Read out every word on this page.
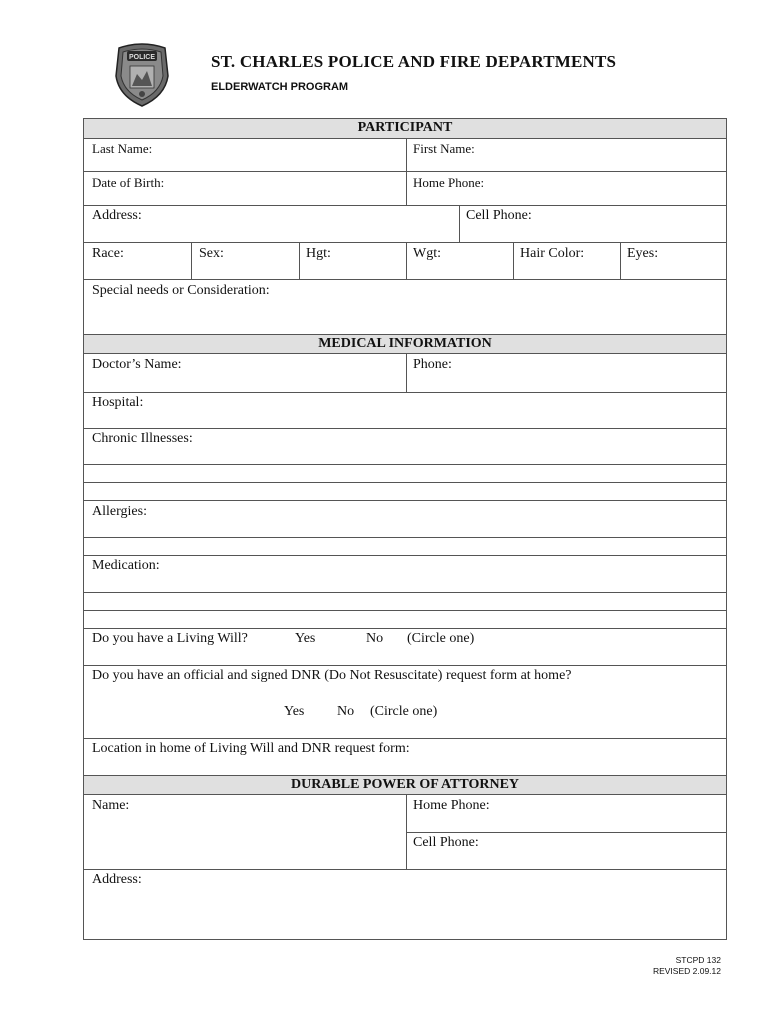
POLICE	ST. CHARLES POLICE AND FIRE DEPARTMENTS
ELDERWATCH PROGRAM
PARTICIPANT
Last Name:	First Name:
Date of Birth:	Home Phone:
Address:	Cell Phone:
Race:	Sex:	Hgt:	Wgt:	Hair Color:	Eyes:
Special needs or Consideration:
MEDICAL INFORMATION
Doctor’s Name:	Phone:
Hospital:
Chronic Illnesses:
Allergies:
Medication:
Do you have a Living Will?	Yes	No (Circle one)
Do you have an official and signed DNR (Do Not Resuscitate) request form at home?
Yes No (Circle one)
Location in home of Living Will and DNR request form:
DURABLE POWER OF ATTORNEY
Name:	Home Phone:
Cell Phone:
Address:
STCPD 132
REVISED 2.09.12
